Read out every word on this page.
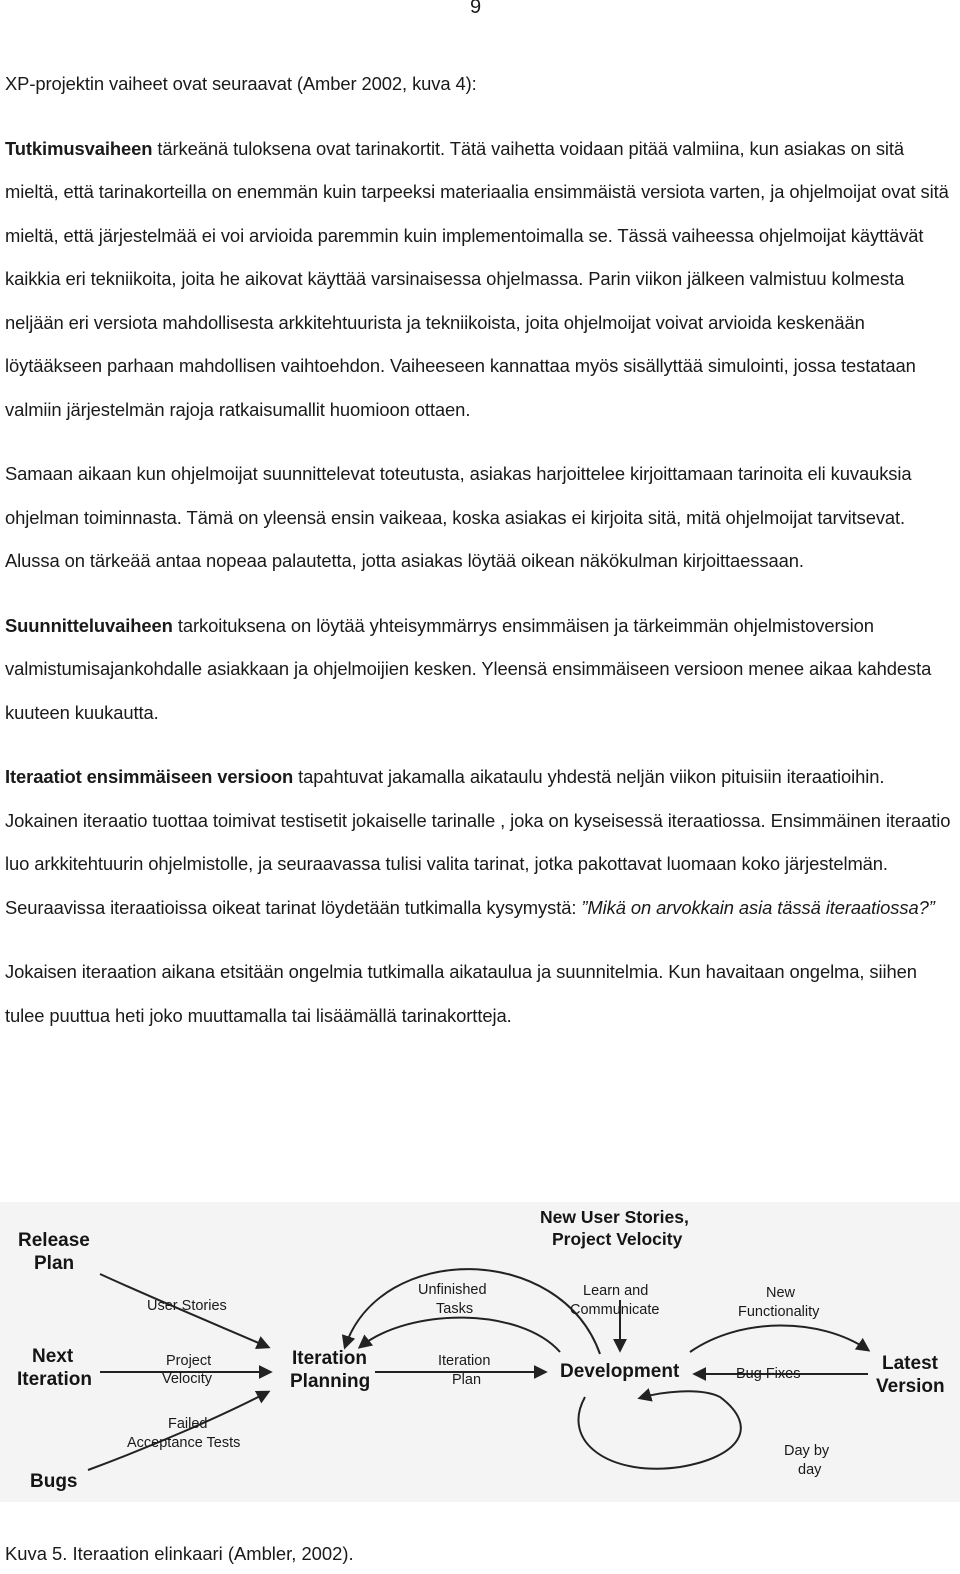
9

XP-projektin vaiheet ovat seuraavat (Amber 2002, kuva 4):

Tutkimusvaiheen tärkeänä tuloksena ovat tarinakortit. Tätä vaihetta voidaan pitää valmiina, kun asiakas on sitä mieltä, että tarinakorteilla on enemmän kuin tarpeeksi materiaalia ensimmäistä versiota varten, ja ohjelmoijat ovat sitä mieltä, että järjestelmää ei voi arvioida paremmin kuin implementoimalla se. Tässä vaiheessa ohjelmoijat käyttävät kaikkia eri tekniikoita, joita he aikovat käyttää varsinaisessa ohjelmassa. Parin viikon jälkeen valmistuu kolmesta neljään eri versiota mahdollisesta arkkitehtuurista ja tekniikoista, joita ohjelmoijat voivat arvioida keskenään löytääkseen parhaan mahdollisen vaihtoehdon. Vaiheeseen kannattaa myös sisällyttää simulointi, jossa testataan valmiin järjestelmän rajoja ratkaisumallit huomioon ottaen.

Samaan aikaan kun ohjelmoijat suunnittelevat toteutusta, asiakas harjoittelee kirjoittamaan tarinoita eli kuvauksia ohjelman toiminnasta. Tämä on yleensä ensin vaikeaa, koska asiakas ei kirjoita sitä, mitä ohjelmoijat tarvitsevat. Alussa on tärkeää antaa nopeaa palautetta, jotta asiakas löytää oikean näkökulman kirjoittaessaan.

Suunnitteluvaiheen tarkoituksena on löytää yhteisymmärrys ensimmäisen ja tärkeimmän ohjelmistoversion valmistumisajankohdalle asiakkaan ja ohjelmoijien kesken. Yleensä ensimmäiseen versioon menee aikaa kahdesta kuuteen kuukautta.

Iteraatiot ensimmäiseen versioon tapahtuvat jakamalla aikataulu yhdestä neljän viikon pituisiin iteraatioihin. Jokainen iteraatio tuottaa toimivat testisetit jokaiselle tarinalle , joka on kyseisessä iteraatiossa. Ensimmäinen iteraatio luo arkkitehtuurin ohjelmistolle, ja seuraavassa tulisi valita tarinat, jotka pakottavat luomaan koko järjestelmän. Seuraavissa iteraatioissa oikeat tarinat löydetään tutkimalla kysymystä: ”Mikä on arvokkain asia tässä iteraatiossa?”

Jokaisen iteraation aikana etsitään ongelmia tutkimalla aikataulua ja suunnitelmia. Kun havaitaan ongelma, siihen tulee puuttua heti joko muuttamalla tai lisäämällä tarinakortteja.

Release
Plan
Next
Iteration
Bugs
User Stories
Project
Velocity
Failed
Acceptance Tests
Iteration
Planning
Unfinished
Tasks
Iteration
Plan
New User Stories,
Project Velocity
Learn and
Communicate
Development
New
Functionality
Bug Fixes	Latest
Version
Day by
day
Kuva 5. Iteraation elinkaari (Ambler, 2002).
